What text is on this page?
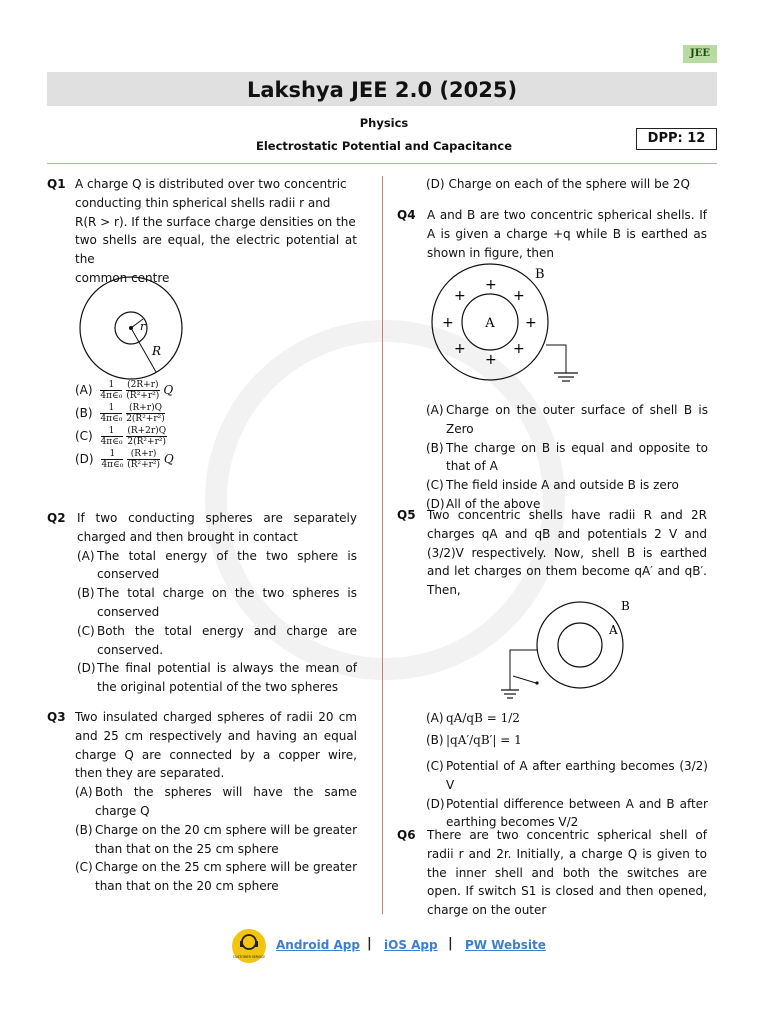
JEE
Lakshya JEE 2.0 (2025)
Physics
Electrostatic Potential and Capacitance	DPP: 12
Q1 A charge Q is distributed over two concentric
conducting thin spherical shells radii r and
R(R > r). If the surface charge densities on the
two shells are equal, the electric potential at the
common centre
r
R
$(A) \frac{1}{\text{4π∈₀}}$
$\frac{(2R+r)}{\text{(R²+r²)}}$ Q
$(B) \frac{1}{\text{4π∈₀}}$
$\frac{(R+r)Q}{\text{2(R²+r²)}}$
$(C) \frac{1}{\text{4π∈₀}}$
$\frac{(R+2r)Q}{\text{2(R²+r²)}}$
$(D) \frac{1}{\text{4π∈₀}}$
$\frac{(R+r)}{\text{(R²+r²)}}$ Q
Q2 If two conducting spheres are separately charged and then brought in contact
(A) The total energy of the two sphere is conserved
(B) The total charge on the two spheres is conserved
(C) Both the total energy and charge are conserved.
(D) The final potential is always the mean of the original potential of the two spheres
Q3 Two insulated charged spheres of radii 20 cm and 25 cm respectively and having an equal charge Q are connected by a copper wire, then they are separated.
(A) Both the spheres will have the same charge Q
(B) Charge on the 20 cm sphere will be greater than that on the 25 cm sphere
(C) Charge on the 25 cm sphere will be greater than that on the 20 cm sphere
(D) Charge on each of the sphere will be 2Q
Q4 A and B are two concentric spherical shells. If A is given a charge +q while B is earthed as shown in figure, then
A
B
+
+	+
+	+
+	+
+
(A) Charge on the outer surface of shell B is Zero
(B) The charge on B is equal and opposite to that of A
(C) The field inside A and outside B is zero
(D) All of the above
Q5 Two concentric shells have radii R and 2R charges qA and qB and potentials 2 V and (3/2)V respectively. Now, shell B is earthed and let charges on them become qA′ and qB′. Then,
B
A
(A) qA/qB = 1/2
(B) |qA′/qB′| = 1
(C) Potential of A after earthing becomes (3/2) V
(D) Potential difference between A and B after earthing becomes V/2
Q6 There are two concentric spherical shell of radii r and 2r. Initially, a charge Q is given to the inner shell and both the switches are open. If switch S1 is closed and then opened, charge on the outer
CUSTOMER SERVICE
Android App | iOS App | PW Website
